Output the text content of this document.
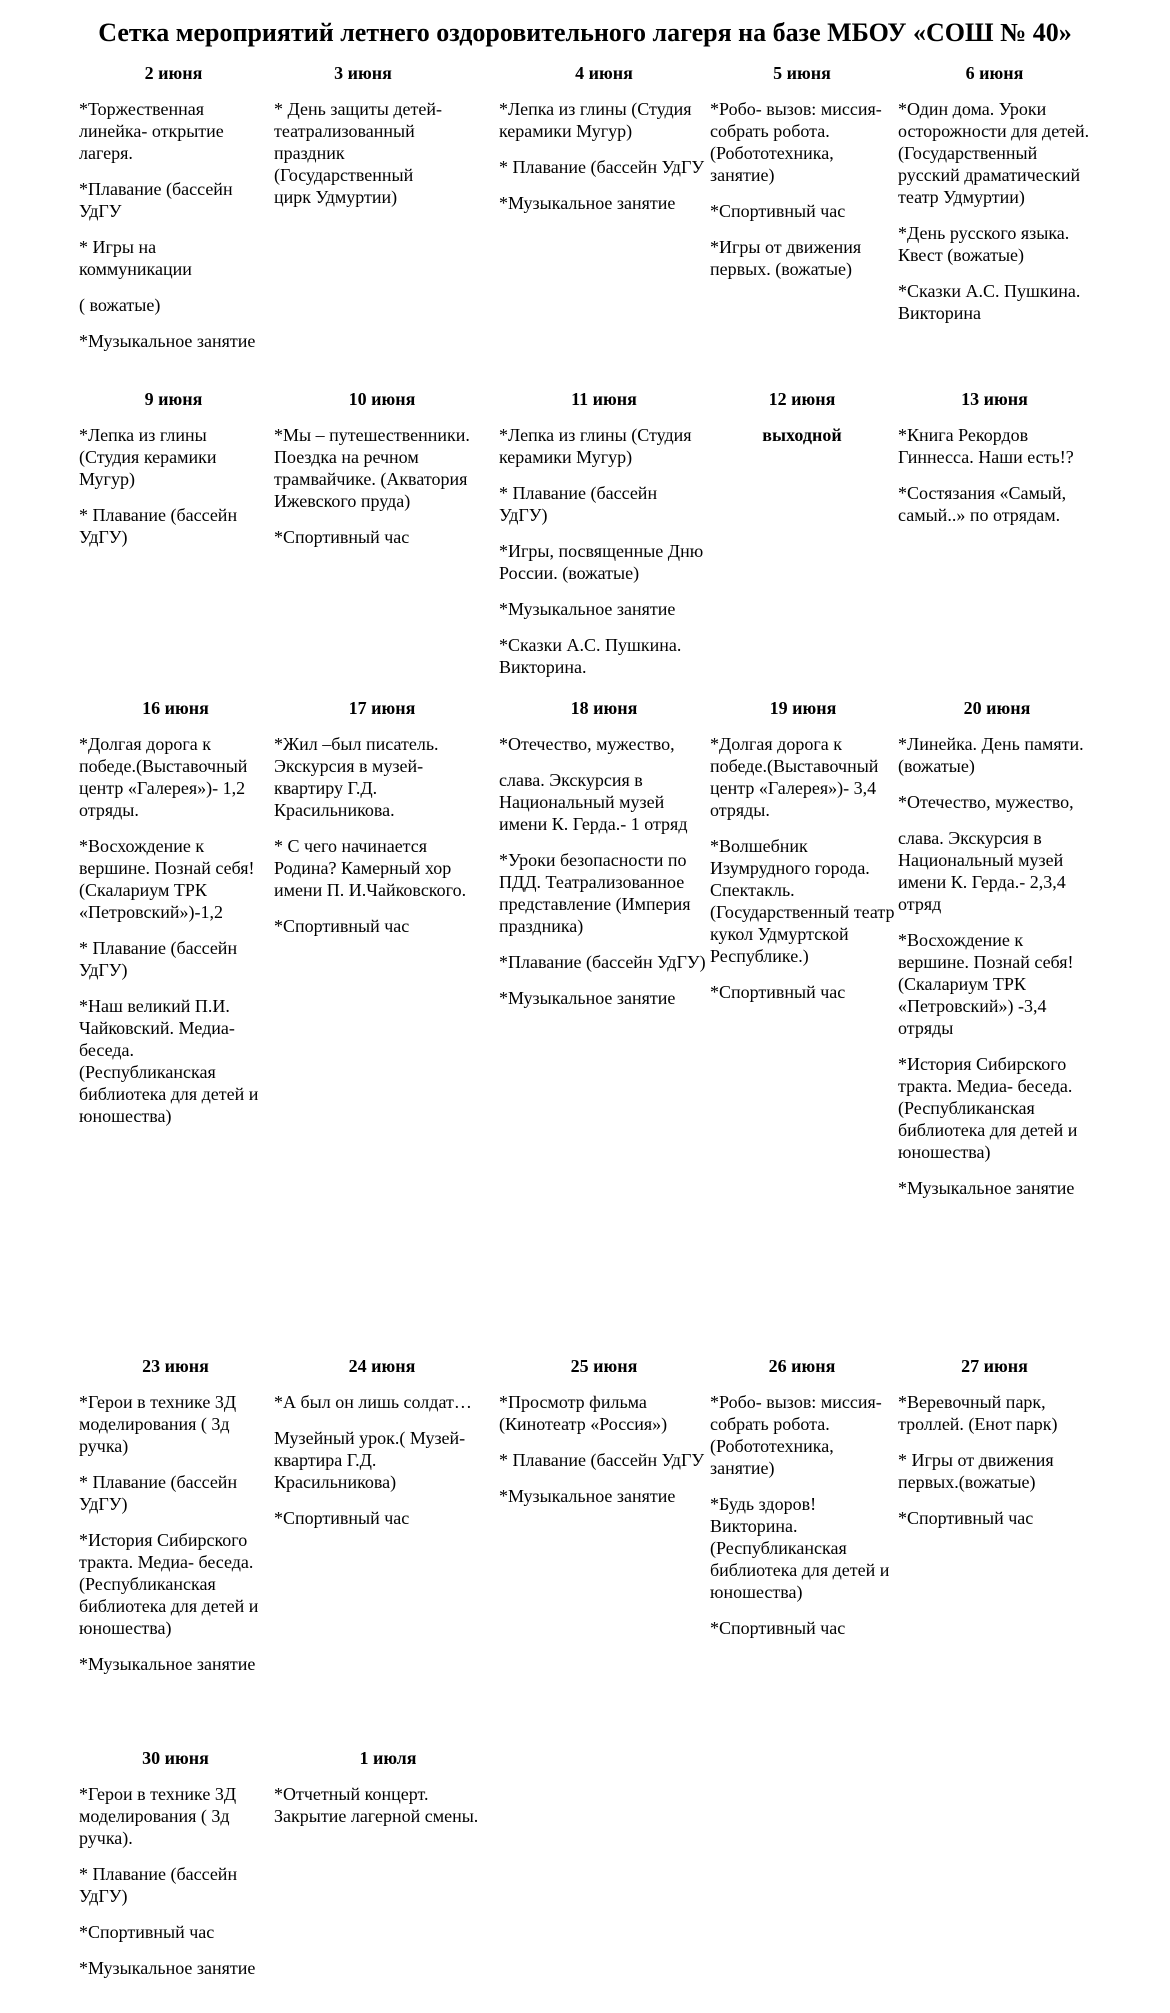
Сетка мероприятий летнего оздоровительного лагеря на базе МБОУ «СОШ № 40»
2 июня
*Торжественная линейка- открытие лагеря.
*Плавание (бассейн УдГУ
* Игры на коммуникации
( вожатые)
*Музыкальное занятие
3 июня
* День защиты детей- театрализованный праздник (Государственный цирк Удмуртии)
4 июня
*Лепка из глины (Студия керамики Мугур)
* Плавание (бассейн УдГУ
*Музыкальное занятие
5 июня
*Робо- вызов: миссия- собрать робота. (Робототехника, занятие)
*Спортивный час
*Игры от движения первых. (вожатые)
6 июня
*Один дома. Уроки осторожности для детей. (Государственный русский драматический театр Удмуртии)
*День русского языка. Квест (вожатые)
*Сказки А.С. Пушкина. Викторина
9 июня
*Лепка из глины (Студия керамики Мугур)
* Плавание (бассейн УдГУ)
10 июня
*Мы – путешественники. Поездка на речном трамвайчике. (Акватория Ижевского пруда)
*Спортивный час
11 июня
*Лепка из глины (Студия керамики Мугур)
* Плавание (бассейн УдГУ)
*Игры, посвященные Дню России. (вожатые)
*Музыкальное занятие
*Сказки А.С. Пушкина. Викторина.
12 июня
выходной
13 июня
*Книга Рекордов Гиннесса. Наши есть!?
*Состязания «Самый, самый..» по отрядам.
16 июня
*Долгая дорога к победе.(Выставочный центр «Галерея»)- 1,2 отряды.
*Восхождение к вершине. Познай себя! (Скалариум ТРК «Петровский»)-1,2
* Плавание (бассейн УдГУ)
*Наш великий П.И. Чайковский. Медиа- беседа. (Республиканская библиотека для детей и юношества)
17 июня
*Жил –был писатель. Экскурсия в музей- квартиру Г.Д. Красильникова.
* С чего начинается Родина? Камерный хор имени П. И.Чайковского.
*Спортивный час
18 июня
*Отечество, мужество,
слава. Экскурсия в Национальный музей имени К. Герда.- 1 отряд
*Уроки безопасности по ПДД. Театрализованное представление (Империя праздника)
*Плавание (бассейн УдГУ)
*Музыкальное занятие
19 июня
*Долгая дорога к победе.(Выставочный центр «Галерея»)- 3,4 отряды.
*Волшебник Изумрудного города. Спектакль. (Государственный театр кукол Удмуртской Республике.)
*Спортивный час
20 июня
*Линейка. День памяти.(вожатые)
*Отечество, мужество,
слава. Экскурсия в Национальный музей имени К. Герда.- 2,3,4 отряд
*Восхождение к вершине. Познай себя! (Скалариум ТРК «Петровский») -3,4 отряды
*История Сибирского тракта. Медиа- беседа. (Республиканская библиотека для детей и юношества)
*Музыкальное занятие
23 июня
*Герои в технике 3Д моделирования ( 3д ручка)
* Плавание (бассейн УдГУ)
*История Сибирского тракта. Медиа- беседа. (Республиканская библиотека для детей и юношества)
*Музыкальное занятие
24 июня
*А был он лишь солдат…
Музейный урок.( Музей- квартира Г.Д. Красильникова)
*Спортивный час
25 июня
*Просмотр фильма (Кинотеатр «Россия»)
* Плавание (бассейн УдГУ
*Музыкальное занятие
26 июня
*Робо- вызов: миссия- собрать робота. (Робототехника, занятие)
*Будь здоров! Викторина. (Республиканская библиотека для детей и юношества)
*Спортивный час
27 июня
*Веревочный парк, троллей. (Енот парк)
* Игры от движения первых.(вожатые)
*Спортивный час
30 июня
*Герои в технике 3Д моделирования ( 3д ручка).
* Плавание (бассейн УдГУ)
*Спортивный час
*Музыкальное занятие
1 июля
*Отчетный концерт. Закрытие лагерной смены.
